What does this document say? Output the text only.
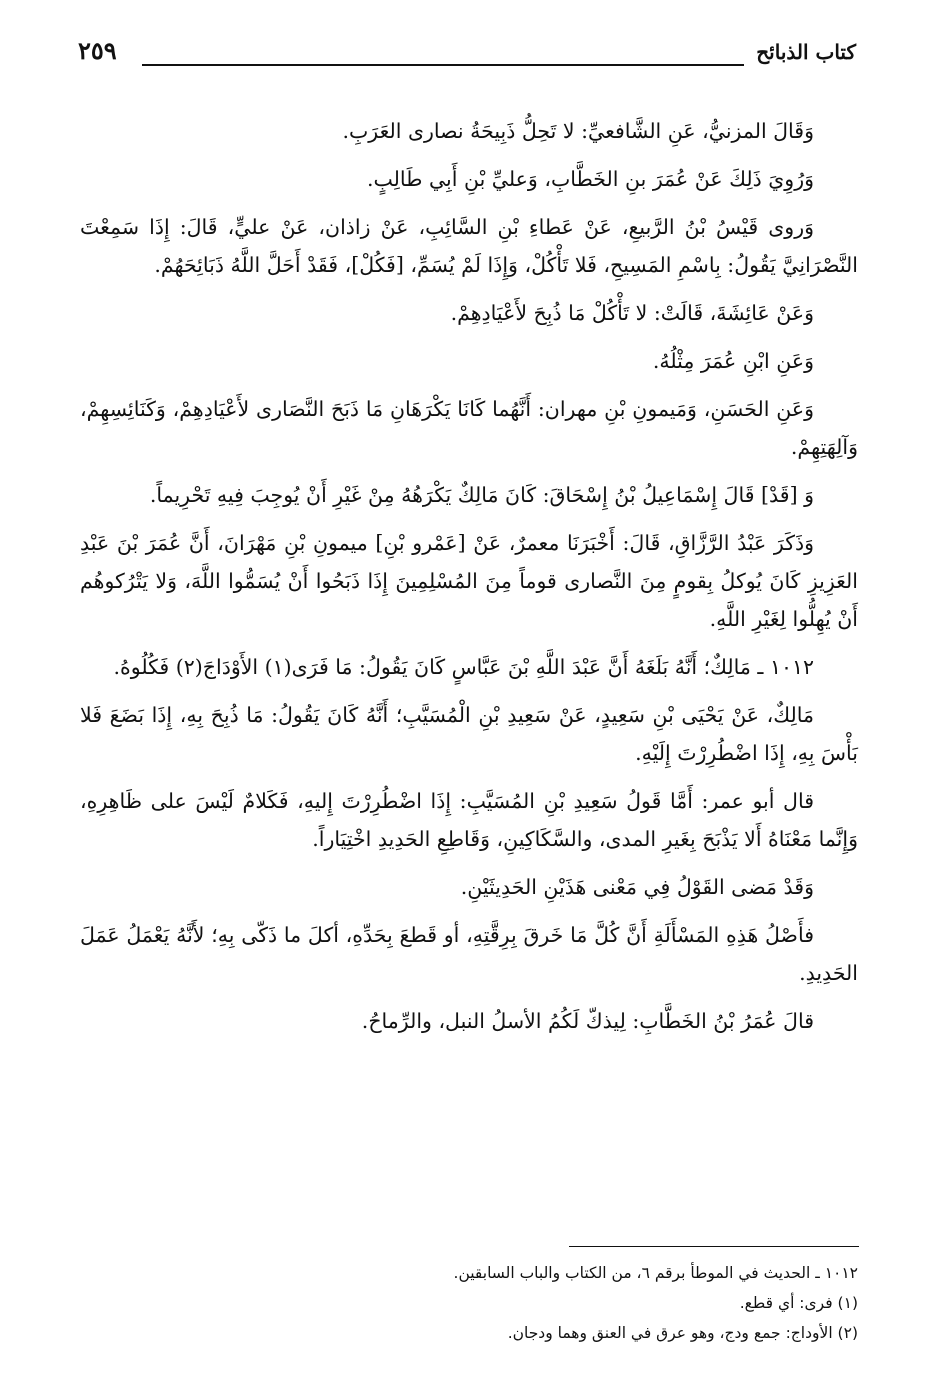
كتاب الذبائح
٢٥٩

وَقَالَ المزنيُّ، عَنِ الشَّافعيِّ: لا تَحِلُّ ذَبِيحَةُ نصارى العَرَبِ.

وَرُوِيَ ذَلِكَ عَنْ عُمَرَ بنِ الخَطَّابِ، وَعليِّ بْنِ أَبِي طَالِبٍ.

وَروى قَيْسُ بْنُ الرَّبيعِ، عَنْ عَطاءِ بْنِ السَّائِبِ، عَنْ زاذان، عَنْ عليٍّ، قَالَ: إِذَا سَمِعْتَ النَّصْرَانِيَّ يَقُولُ: بِاسْمِ المَسِيحِ، فَلا تَأْكُلْ، وَإِذَا لَمْ يُسَمِّ، [فَكُلْ]، فَقَدْ أَحَلَّ اللَّهُ ذَبَائِحَهُمْ.

وَعَنْ عَائِشَةَ، قَالَتْ: لا تَأْكُلْ مَا ذُبِحَ لأَعْيَادِهِمْ.

وَعَنِ ابْنِ عُمَرَ مِثْلُهُ.

وَعَنِ الحَسَنِ، وَمَيمونِ بْنِ مهران: أَنَّهُما كَانَا يَكْرَهَانِ مَا ذَبَحَ النَّصَارى لأَعْيَادِهِمْ، وَكَنَائِسِهِمْ، وَآلِهَتِهِمْ.

وَ [قَدْ] قَالَ إِسْمَاعِيلُ بْنُ إِسْحَاقَ: كَانَ مَالِكٌ يَكْرَهُهُ مِنْ غَيْرِ أَنْ يُوجِبَ فِيهِ تَحْرِيماً.

وَذَكَرَ عَبْدُ الرَّزَّاقِ، قَالَ: أَخْبَرَنَا معمرٌ، عَنْ [عَمْرو بْنِ] ميمونِ بْنِ مَهْرَانَ، أَنَّ عُمَرَ بْنَ عَبْدِ العَزِيزِ كَانَ يُوكلُ بِقومٍ مِنَ النَّصارى قوماً مِنَ المُسْلِمِينَ إِذَا ذَبَحُوا أَنْ يُسَمُّوا اللَّهَ، وَلا يَتْرُكوهُم أَنْ يُهِلُّوا لِغَيْرِ اللَّهِ.

١٠١٢ ـ مَالِكٌ؛ أَنَّهُ بَلَغَهُ أَنَّ عَبْدَ اللَّهِ بْنَ عَبَّاسٍ كَانَ يَقُولُ: مَا فَرَى(١) الأَوْدَاجَ(٢) فَكُلُوهُ.

مَالِكٌ، عَنْ يَحْيَى بْنِ سَعِيدٍ، عَنْ سَعِيدِ بْنِ الْمُسَيَّبِ؛ أَنَّهُ كَانَ يَقُولُ: مَا ذُبِحَ بِهِ، إِذَا بَضَعَ فَلا بَأْسَ بِهِ، إِذَا اضْطُرِرْتَ إِلَيْهِ.

قال أبو عمر: أَمَّا قَولُ سَعِيدِ بْنِ المُسَيَّبِ: إِذَا اضْطُرِرْتَ إِليهِ، فَكَلامٌ لَيْسَ على ظَاهِرِهِ، وَإِنَّما مَعْنَاهُ أَلا يَذْبَحَ بِغَيرِ المدى، والسَّكَاكِينِ، وَقَاطِعِ الحَدِيدِ اخْتِيَاراً.

وَقَدْ مَضى القَوْلُ فِي مَعْنى هَذَيْنِ الحَدِيثَيْنِ.

فأَصْلُ هَذِهِ المَسْأَلَةِ أَنَّ كُلَّ مَا خَرقَ بِرِقَّتِهِ، أو قَطعَ بِحَدِّهِ، أكلَ ما ذَكّى بِهِ؛ لأَنَّهُ يَعْمَلُ عَمَلَ الحَدِيدِ.

قالَ عُمَرُ بْنُ الخَطَّابِ: لِيذكّ لَكُمُ الأسلُ النبل، والرِّماحُ.

١٠١٢ ـ الحديث في الموطأ برقم ٦، من الكتاب والباب السابقين.

(١) فرى: أي قطع.

(٢) الأوداج: جمع ودج، وهو عرق في العنق وهما ودجان.
